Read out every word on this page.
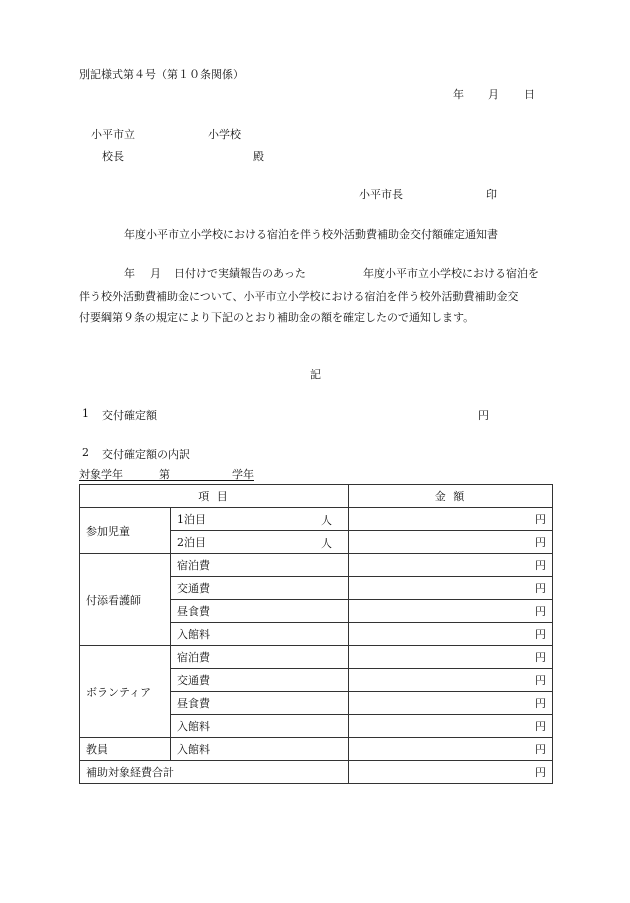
別記様式第４号（第１０条関係）
年 月 日
小平市立	小学校
校長	殿
小平市長	印
年度小平市立小学校における宿泊を伴う校外活動費補助金交付額確定通知書
年 月 日付けで実績報告のあった	年度小平市立小学校における宿泊を
伴う校外活動費補助金について、小平市立小学校における宿泊を伴う校外活動費補助金交
付要綱第９条の規定により下記のとおり補助金の額を確定したので通知します。
記
1 交付確定額	円
2 交付確定額の内訳
対象学年	第	学年
項 目		金 額
参加児童	1泊目 人	円
	2泊目 人	円
付添看護師	宿泊費	円
	交通費	円
	昼食費	円
	入館料	円
ボランティア	宿泊費	円
	交通費	円
	昼食費	円
	入館料	円
教員	入館料	円
補助対象経費合計		円
